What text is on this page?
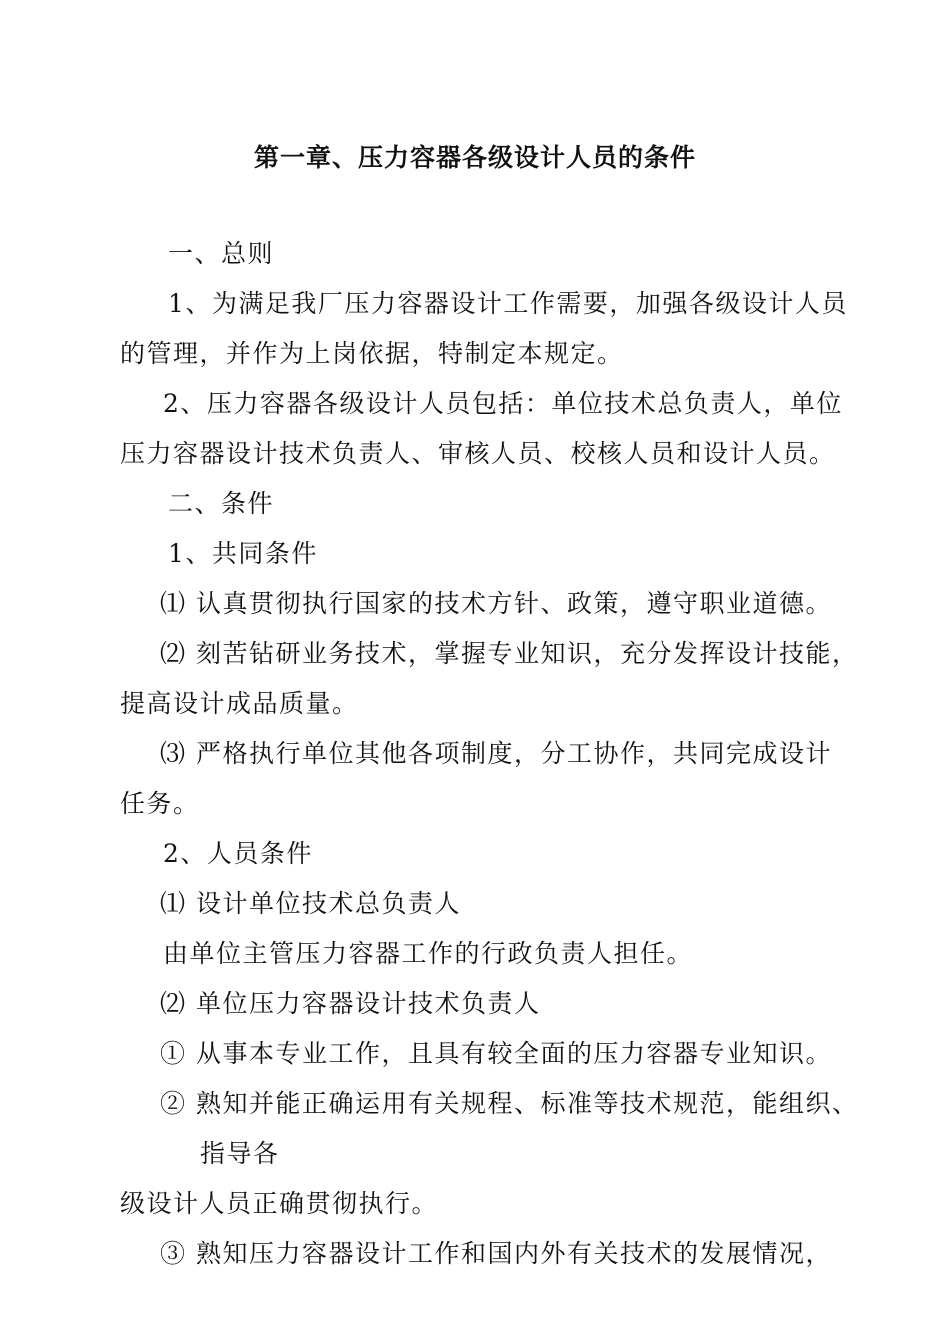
第一章、压力容器各级设计人员的条件
一、总则
1、为满足我厂压力容器设计工作需要，加强各级设计人员
的管理，并作为上岗依据，特制定本规定。
2、压力容器各级设计人员包括：单位技术总负责人，单位
压力容器设计技术负责人、审核人员、校核人员和设计人员。
二、条件
1、共同条件
⑴ 认真贯彻执行国家的技术方针、政策，遵守职业道德。
⑵ 刻苦钻研业务技术，掌握专业知识，充分发挥设计技能，
提高设计成品质量。
⑶ 严格执行单位其他各项制度，分工协作，共同完成设计
任务。
2、人员条件
⑴ 设计单位技术总负责人
由单位主管压力容器工作的行政负责人担任。
⑵ 单位压力容器设计技术负责人
① 从事本专业工作，且具有较全面的压力容器专业知识。
② 熟知并能正确运用有关规程、标准等技术规范，能组织、
指导各
级设计人员正确贯彻执行。
③ 熟知压力容器设计工作和国内外有关技术的发展情况，
